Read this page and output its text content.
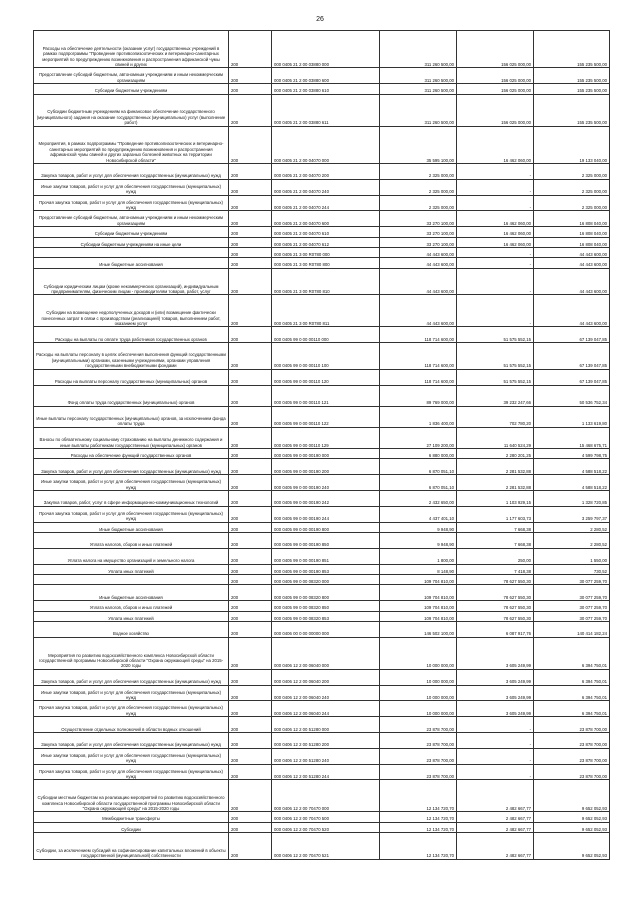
26
Расходы на обеспечение деятельности (оказание услуг) государственных учреждений в рамках подпрограммы "Проведение противоэпизоотических и ветеринарно-санитарных мероприятий по предупреждению возникновения и распространения африканской чумы свиней и других	200	000 0405 21 2 00 03880 000	311 260 500,00	156 025 000,00	155 235 500,00
Предоставление субсидий бюджетным, автономным учреждениям и иным некоммерческим организациям	200	000 0405 21 2 00 03880 600	311 260 500,00	156 025 000,00	155 235 500,00
Субсидии бюджетным учреждениям	200	000 0405 21 2 00 03880 610	311 260 500,00	156 025 000,00	155 235 500,00
Субсидии бюджетным учреждениям на финансовое обеспечение государственного (муниципального) задания на оказание государственных (муниципальных) услуг (выполнение работ)	200	000 0405 21 2 00 03880 611	311 260 500,00	156 025 000,00	155 235 500,00
Мероприятия, в рамках подпрограммы "Проведение противоэпизоотических и ветеринарно-санитарных мероприятий по предупреждению возникновения и распространения африканской чумы свиней и других заразных болезней животных на территории Новосибирской области"	200	000 0405 21 2 00 04070 000	35 595 100,00	16 462 060,00	19 133 040,00
Закупка товаров, работ и услуг для обеспечения государственных (муниципальных) нужд	200	000 0405 21 2 00 04070 200	2 325 000,00	-	2 325 000,00
Иные закупки товаров, работ и услуг для обеспечения государственных (муниципальных) нужд	200	000 0405 21 2 00 04070 240	2 325 000,00	-	2 325 000,00
Прочая закупка товаров, работ и услуг для обеспечения государственных (муниципальных) нужд	200	000 0405 21 2 00 04070 244	2 325 000,00	-	2 325 000,00
Предоставление субсидий бюджетным, автономным учреждениям и иным некоммерческим организациям	200	000 0405 21 2 00 04070 600	33 270 100,00	16 462 060,00	16 808 040,00
Субсидии бюджетным учреждениям	200	000 0405 21 2 00 04070 610	33 270 100,00	16 462 060,00	16 808 040,00
Субсидии бюджетным учреждениям на иные цели	200	000 0405 21 2 00 04070 612	33 270 100,00	16 462 060,00	16 808 040,00
	200	000 0405 21 3 00 R0780 000	44 443 600,00	-	44 443 600,00
Иные бюджетные ассигнования	200	000 0405 21 3 00 R0780 800	44 443 600,00	-	44 443 600,00
Субсидии юридическим лицам (кроме некоммерческих организаций), индивидуальным предпринимателям, физическим лицам - производителям товаров, работ, услуг	200	000 0405 21 3 00 R0780 810	44 443 600,00	-	44 443 600,00
Субсидии на возмещение недополученных доходов и (или) возмещение фактически понесенных затрат в связи с производством (реализацией) товаров, выполнением работ, оказанием услуг	200	000 0405 21 3 00 R0780 811	44 443 600,00	-	44 443 600,00
Расходы на выплаты по оплате труда работников государственных органов	200	000 0405 99 0 00 00110 000	118 714 600,00	51 575 552,15	67 139 047,85
Расходы на выплаты персоналу в целях обеспечения выполнения функций государственными (муниципальными) органами, казенными учреждениями, органами управления государственными внебюджетными фондами	200	000 0405 99 0 00 00110 100	118 714 600,00	51 575 552,15	67 139 047,85
Расходы на выплаты персоналу государственных (муниципальных) органов	200	000 0405 99 0 00 00110 120	118 714 600,00	51 575 552,15	67 139 047,85
Фонд оплаты труда государственных (муниципальных) органов	200	000 0405 99 0 00 00110 121	89 769 000,00	39 232 247,66	50 536 752,34
Иные выплаты персоналу государственных (муниципальных) органов, за исключением фонда оплаты труда	200	000 0405 99 0 00 00110 122	1 836 400,00	702 780,20	1 133 619,80
Взносы по обязательному социальному страхованию на выплаты денежного содержания и иные выплаты работникам государственных (муниципальных) органов	200	000 0405 99 0 00 00110 129	27 109 200,00	11 640 524,29	15 468 675,71
Расходы на обеспечение функций государственных органов	200	000 0405 99 0 00 00190 000	6 880 000,00	2 280 201,25	4 599 798,75
Закупка товаров, работ и услуг для обеспечения государственных (муниципальных) нужд	200	000 0405 99 0 00 00190 200	6 870 051,10	2 281 532,88	4 588 518,22
Иные закупки товаров, работ и услуг для обеспечения государственных (муниципальных) нужд	200	000 0405 99 0 00 00190 240	6 870 051,10	2 281 532,88	4 588 518,22
Закупка товаров, работ, услуг в сфере информационно-коммуникационных технологий	200	000 0405 99 0 00 00190 242	2 432 650,00	1 103 929,15	1 328 720,85
Прочая закупка товаров, работ и услуг для обеспечения государственных (муниципальных) нужд	200	000 0405 99 0 00 00190 244	4 437 401,10	1 177 603,73	3 259 797,37
Иные бюджетные ассигнования	200	000 0405 99 0 00 00190 800	9 948,90	7 668,38	2 280,52
Уплата налогов, сборов и иных платежей	200	000 0405 99 0 00 00190 850	9 948,90	7 668,38	2 280,52
Уплата налога на имущество организаций и земельного налога	200	000 0405 99 0 00 00190 851	1 800,00	250,00	1 550,00
Уплата иных платежей	200	000 0405 99 0 00 00190 853	8 148,90	7 418,38	730,52
	200	000 0405 99 0 00 08320 000	109 704 810,00	78 627 550,30	30 077 259,70
Иные бюджетные ассигнования	200	000 0405 99 0 00 08320 800	109 704 810,00	78 627 550,30	30 077 259,70
Уплата налогов, сборов и иных платежей	200	000 0405 99 0 00 08320 850	109 704 810,00	78 627 550,30	30 077 259,70
Уплата иных платежей	200	000 0405 99 0 00 08320 853	109 704 810,00	78 627 550,30	30 077 259,70
Водное хозяйство	200	000 0406 00 0 00 00000 000	146 502 100,00	6 087 917,76	140 414 182,24
Мероприятия по развитию водохозяйственного комплекса Новосибирской области государственной программы Новосибирской области "Охрана окружающей среды" на 2015-2020 годы	200	000 0406 12 2 00 06040 000	10 000 000,00	3 605 249,99	6 394 750,01
Закупка товаров, работ и услуг для обеспечения государственных (муниципальных) нужд	200	000 0406 12 2 00 06040 200	10 000 000,00	3 605 249,99	6 394 750,01
Иные закупки товаров, работ и услуг для обеспечения государственных (муниципальных) нужд	200	000 0406 12 2 00 06040 240	10 000 000,00	3 605 249,99	6 394 750,01
Прочая закупка товаров, работ и услуг для обеспечения государственных (муниципальных) нужд	200	000 0406 12 2 00 06040 244	10 000 000,00	3 605 249,99	6 394 750,01
Осуществление отдельных полномочий в области водных отношений	200	000 0406 12 2 00 51280 000	23 878 700,00	-	23 878 700,00
Закупка товаров, работ и услуг для обеспечения государственных (муниципальных) нужд	200	000 0406 12 2 00 51280 200	23 878 700,00	-	23 878 700,00
Иные закупки товаров, работ и услуг для обеспечения государственных (муниципальных) нужд	200	000 0406 12 2 00 51280 240	23 878 700,00	-	23 878 700,00
Прочая закупка товаров, работ и услуг для обеспечения государственных (муниципальных) нужд	200	000 0406 12 2 00 51280 244	23 878 700,00	-	23 878 700,00
Субсидии местным бюджетам на реализацию мероприятий по развитию водохозяйственного комплекса Новосибирской области государственной программы Новосибирской области "Охрана окружающей среды" на 2015-2020 годы	200	000 0406 12 2 00 70470 000	12 134 720,70	2 482 667,77	9 652 052,93
Межбюджетные трансферты	200	000 0406 12 2 00 70470 500	12 134 720,70	2 482 667,77	9 652 052,93
Субсидии	200	000 0406 12 2 00 70470 520	12 134 720,70	2 482 667,77	9 652 052,93
Субсидии, за исключением субсидий на софинансирование капитальных вложений в объекты государственной (муниципальной) собственности	200	000 0406 12 2 00 70470 521	12 134 720,70	2 482 667,77	9 652 052,93
